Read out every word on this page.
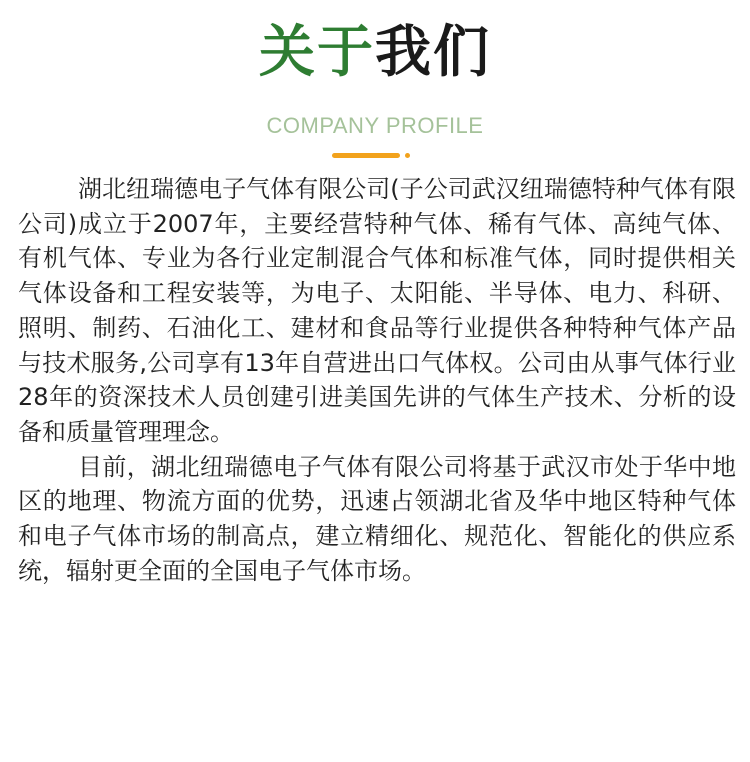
关于我们
COMPANY PROFILE

湖北纽瑞德电子气体有限公司(子公司武汉纽瑞德特种气体有限公司)成立于2007年，主要经营特种气体、稀有气体、高纯气体、有机气体、专业为各行业定制混合气体和标准气体，同时提供相关气体设备和工程安装等，为电子、太阳能、半导体、电力、科研、照明、制药、石油化工、建材和食品等行业提供各种特种气体产品与技术服务,公司享有13年自营进出口气体权。公司由从事气体行业28年的资深技术人员创建引进美国先讲的气体生产技术、分析的设备和质量管理理念。

目前，湖北纽瑞德电子气体有限公司将基于武汉市处于华中地区的地理、物流方面的优势，迅速占领湖北省及华中地区特种气体和电子气体市场的制高点，建立精细化、规范化、智能化的供应系统，辐射更全面的全国电子气体市场。
